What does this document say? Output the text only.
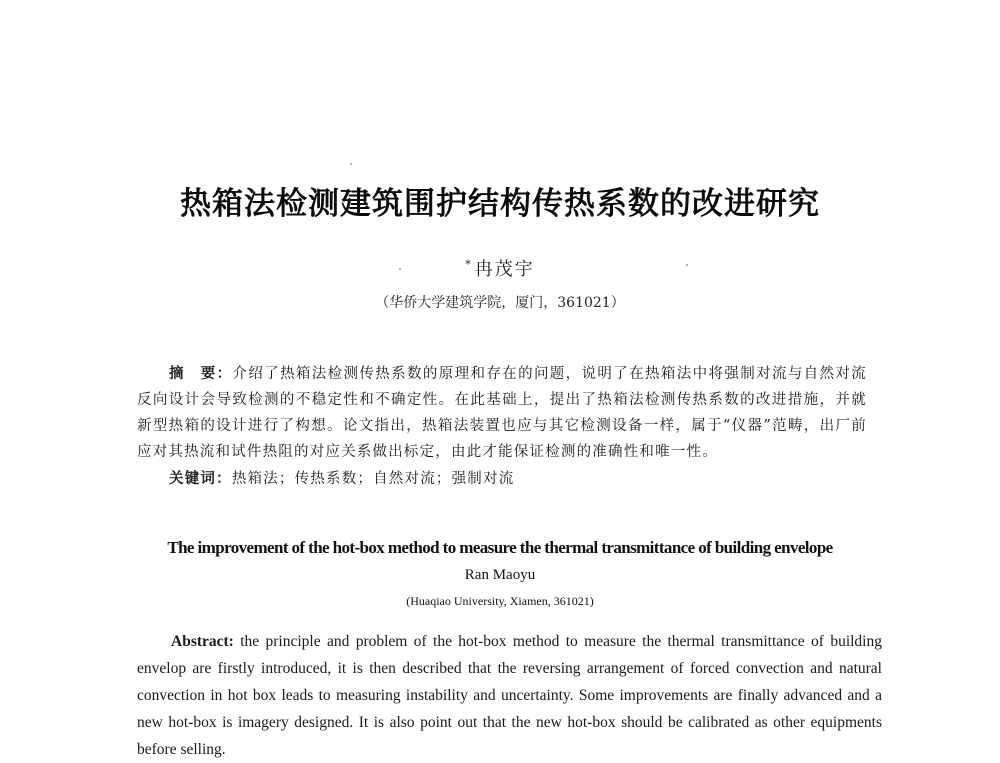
热箱法检测建筑围护结构传热系数的改进研究
* 冉茂宇
（华侨大学建筑学院，厦门，361021）
摘　要：介绍了热箱法检测传热系数的原理和存在的问题，说明了在热箱法中将强制对流与自然对流反向设计会导致检测的不稳定性和不确定性。在此基础上，提出了热箱法检测传热系数的改进措施，并就新型热箱的设计进行了构想。论文指出，热箱法装置也应与其它检测设备一样，属于“仪器”范畴，出厂前应对其热流和试件热阻的对应关系做出标定，由此才能保证检测的准确性和唯一性。
关键词：热箱法；传热系数；自然对流；强制对流
The improvement of the hot-box method to measure the thermal transmittance of building envelope
Ran Maoyu
(Huaqiao University, Xiamen, 361021)
Abstract: the principle and problem of the hot-box method to measure the thermal transmittance of building envelop are firstly introduced, it is then described that the reversing arrangement of forced convection and natural convection in hot box leads to measuring instability and uncertainty. Some improvements are finally advanced and a new hot-box is imagery designed. It is also point out that the new hot-box should be calibrated as other equipments before selling.
